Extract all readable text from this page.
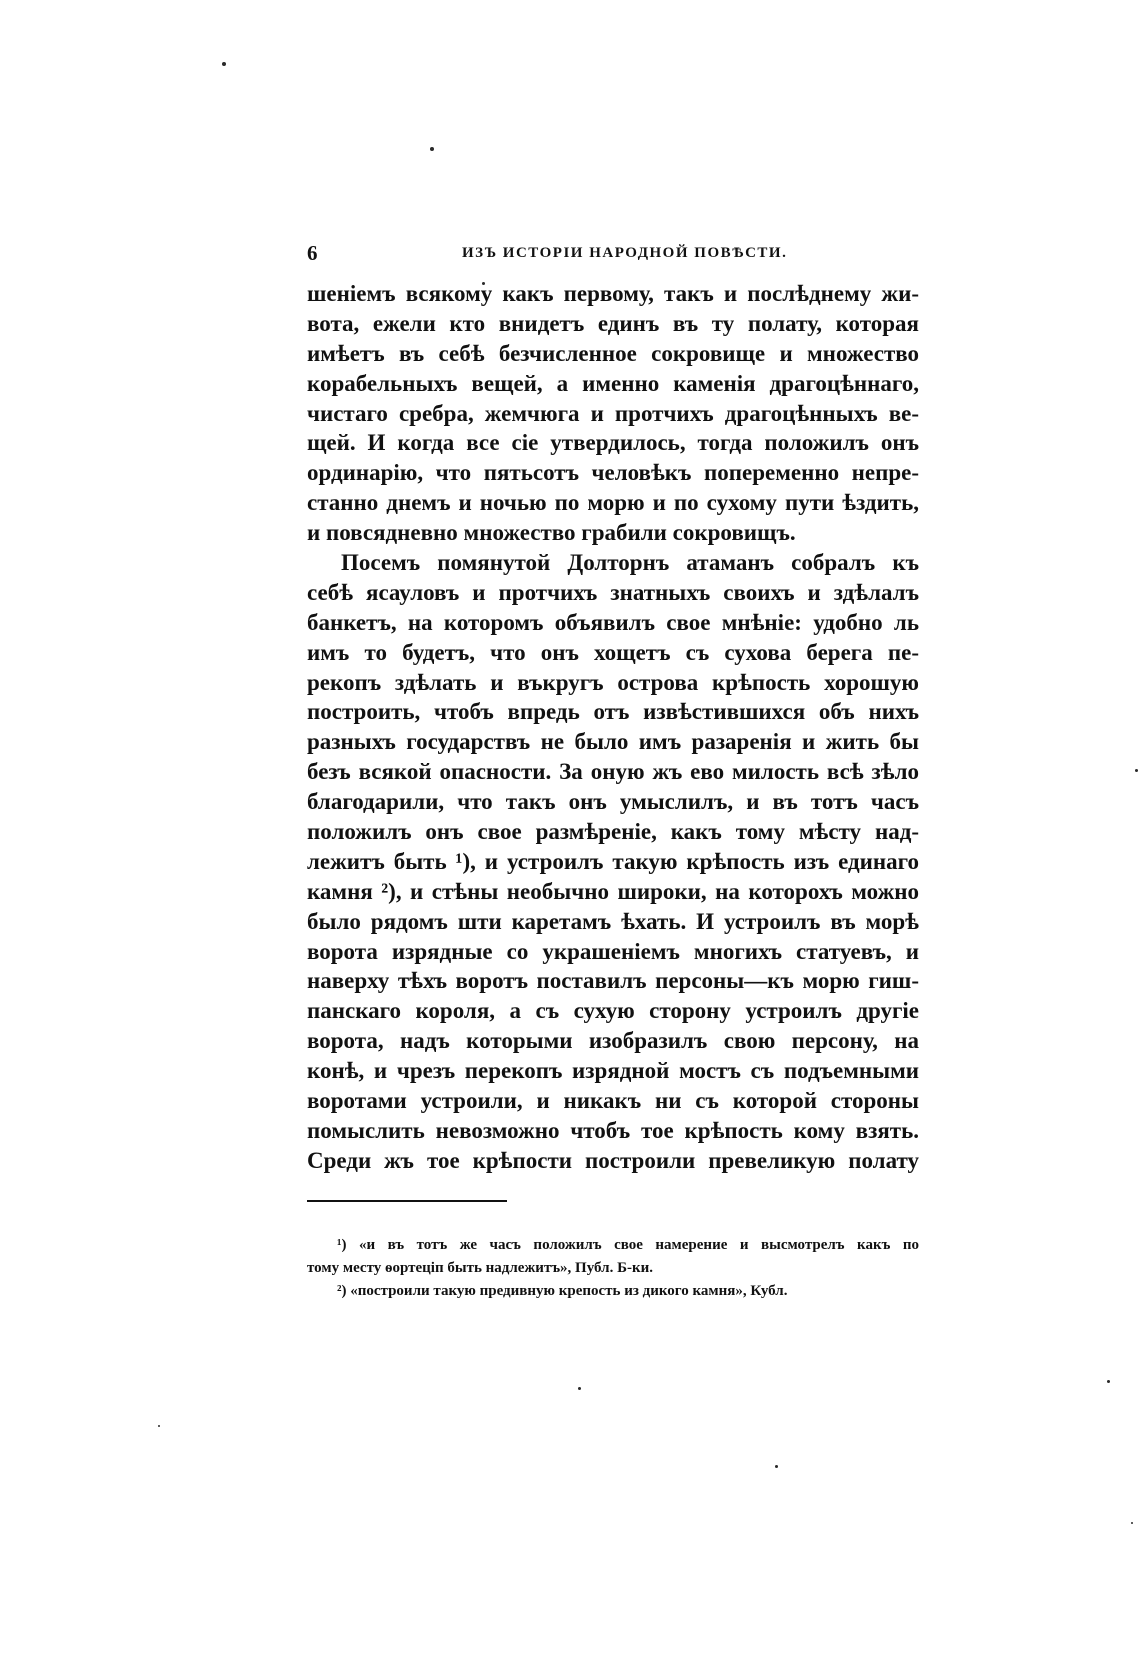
6	ИЗЪ ИСТОРІИ НАРОДНОЙ ПОВѢСТИ.
шеніемъ всякому какъ первому, такъ и послѣднему жи-
вота, ежели кто внидетъ единъ въ ту полату, которая
имѣетъ въ себѣ безчисленное сокровище и множество
корабельныхъ вещей, а именно каменія драгоцѣннаго,
чистаго сребра, жемчюга и протчихъ драгоцѣнныхъ ве-
щей. И когда все сіе утвердилось, тогда положилъ онъ
ординарію, что пятьсотъ человѣкъ попеременно непре-
станно днемъ и ночью по морю и по сухому пути ѣздить,
и повсядневно множество грабили сокровищъ.
Посемъ помянутой Долторнъ атаманъ собралъ къ
себѣ ясауловъ и протчихъ знатныхъ своихъ и здѣлалъ
банкетъ, на которомъ объявилъ свое мнѣніе: удобно ль
имъ то будетъ, что онъ хощетъ съ сухова берега пе-
рекопъ здѣлать и въкругъ острова крѣпость хорошую
построить, чтобъ впредь отъ извѣстившихся объ нихъ
разныхъ государствъ не было имъ разаренія и жить бы
безъ всякой опасности. За оную жъ ево милость всѣ зѣло
благодарили, что такъ онъ умыслилъ, и въ тотъ часъ
положилъ онъ свое размѣреніе, какъ тому мѣсту над-
лежитъ быть ¹), и устроилъ такую крѣпость изъ единаго
камня ²), и стѣны необычно широки, на которохъ можно
было рядомъ шти каретамъ ѣхать. И устроилъ въ морѣ
ворота изрядные со украшеніемъ многихъ статуевъ, и
наверху тѣхъ воротъ поставилъ персоны—къ морю гиш-
панскаго короля, а съ сухую сторону устроилъ другіе
ворота, надъ которыми изобразилъ свою персону, на
конѣ, и чрезъ перекопъ изрядной мостъ съ подъемными
воротами устроили, и никакъ ни съ которой стороны
помыслить невозможно чтобъ тое крѣпость кому взять.
Среди жъ тое крѣпости построили превеликую полату
¹) «и въ тотъ же часъ положилъ свое намерение и высмотрелъ какъ по
тому месту ѳортеціп быть надлежитъ», Публ. Б-ки.
²) «построили такую предивную крепость из дикого камня», Кубл.
